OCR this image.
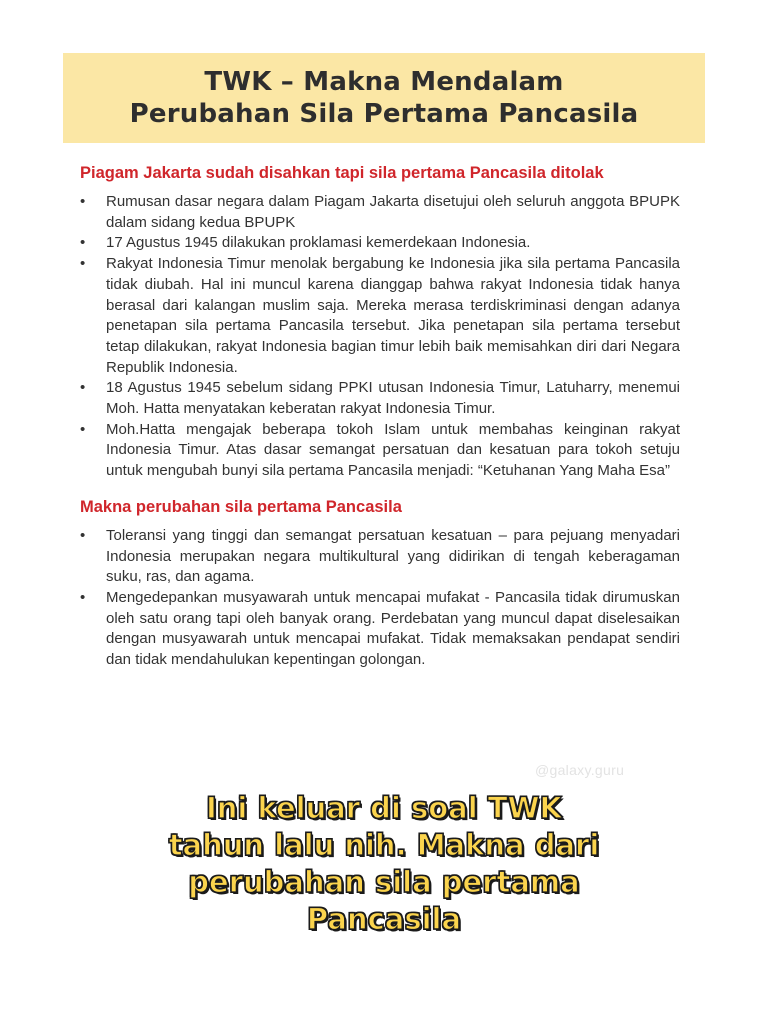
TWK – Makna Mendalam
Perubahan Sila Pertama Pancasila
Piagam Jakarta sudah disahkan tapi sila pertama Pancasila ditolak
• Rumusan dasar negara dalam Piagam Jakarta disetujui oleh seluruh anggota BPUPK dalam sidang kedua BPUPK
• 17 Agustus 1945 dilakukan proklamasi kemerdekaan Indonesia.
• Rakyat Indonesia Timur menolak bergabung ke Indonesia jika sila pertama Pancasila tidak diubah. Hal ini muncul karena dianggap bahwa rakyat Indonesia tidak hanya berasal dari kalangan muslim saja. Mereka merasa terdiskriminasi dengan adanya penetapan sila pertama Pancasila tersebut. Jika penetapan sila pertama tersebut tetap dilakukan, rakyat Indonesia bagian timur lebih baik memisahkan diri dari Negara Republik Indonesia.
• 18 Agustus 1945 sebelum sidang PPKI utusan Indonesia Timur, Latuharry, menemui Moh. Hatta menyatakan keberatan rakyat Indonesia Timur.
• Moh.Hatta mengajak beberapa tokoh Islam untuk membahas keinginan rakyat Indonesia Timur. Atas dasar semangat persatuan dan kesatuan para tokoh setuju untuk mengubah bunyi sila pertama Pancasila menjadi: “Ketuhanan Yang Maha Esa”
Makna perubahan sila pertama Pancasila
• Toleransi yang tinggi dan semangat persatuan kesatuan – para pejuang menyadari Indonesia merupakan negara multikultural yang didirikan di tengah keberagaman suku, ras, dan agama.
• Mengedepankan musyawarah untuk mencapai mufakat - Pancasila tidak dirumuskan oleh satu orang tapi oleh banyak orang. Perdebatan yang muncul dapat diselesaikan dengan musyawarah untuk mencapai mufakat. Tidak memaksakan pendapat sendiri dan tidak mendahulukan kepentingan golongan.
@galaxy.guru
Ini keluar di soal TWK
tahun lalu nih. Makna dari
perubahan sila pertama
Pancasila
